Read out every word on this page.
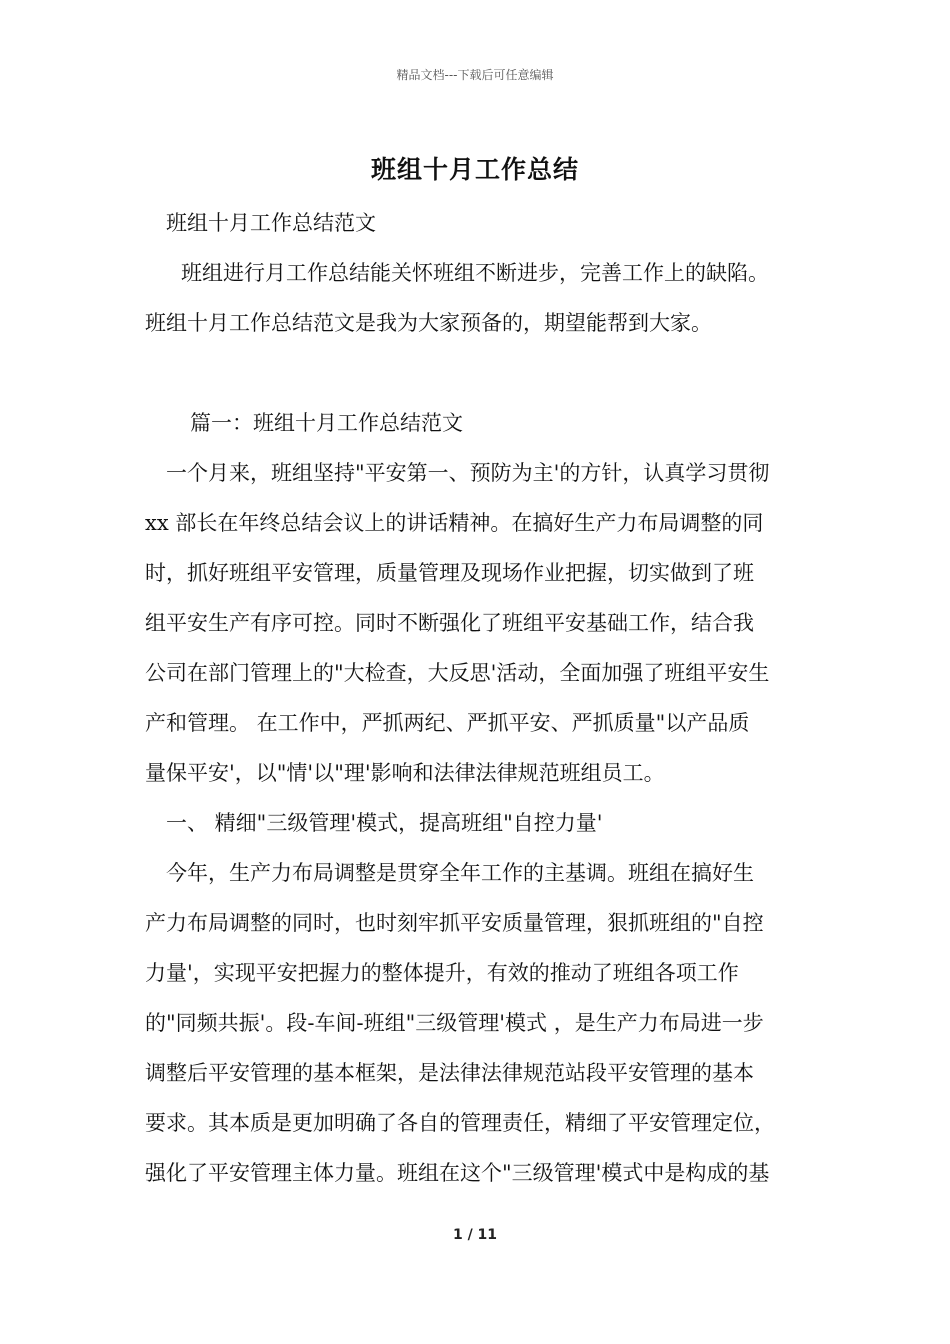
精品文档---下载后可任意编辑
班组十月工作总结
班组十月工作总结范文
班组进行月工作总结能关怀班组不断进步，完善工作上的缺陷。
班组十月工作总结范文是我为大家预备的，期望能帮到大家。
篇一：班组十月工作总结范文
一个月来，班组坚持"平安第一、预防为主'的方针，认真学习贯彻
xx 部长在年终总结会议上的讲话精神。在搞好生产力布局调整的同
时，抓好班组平安管理，质量管理及现场作业把握，切实做到了班
组平安生产有序可控。同时不断强化了班组平安基础工作，结合我
公司在部门管理上的"大检查，大反思'活动，全面加强了班组平安生
产和管理。 在工作中，严抓两纪、严抓平安、严抓质量"以产品质
量保平安'，以"情'以"理'影响和法律法律规范班组员工。
一、 精细"三级管理'模式，提高班组"自控力量'
今年，生产力布局调整是贯穿全年工作的主基调。班组在搞好生
产力布局调整的同时，也时刻牢抓平安质量管理，狠抓班组的"自控
力量'，实现平安把握力的整体提升，有效的推动了班组各项工作
的"同频共振'。段-车间-班组"三级管理'模式 ，是生产力布局进一步
调整后平安管理的基本框架，是法律法律规范站段平安管理的基本
要求。其本质是更加明确了各自的管理责任，精细了平安管理定位，
强化了平安管理主体力量。班组在这个"三级管理'模式中是构成的基
1 / 11
